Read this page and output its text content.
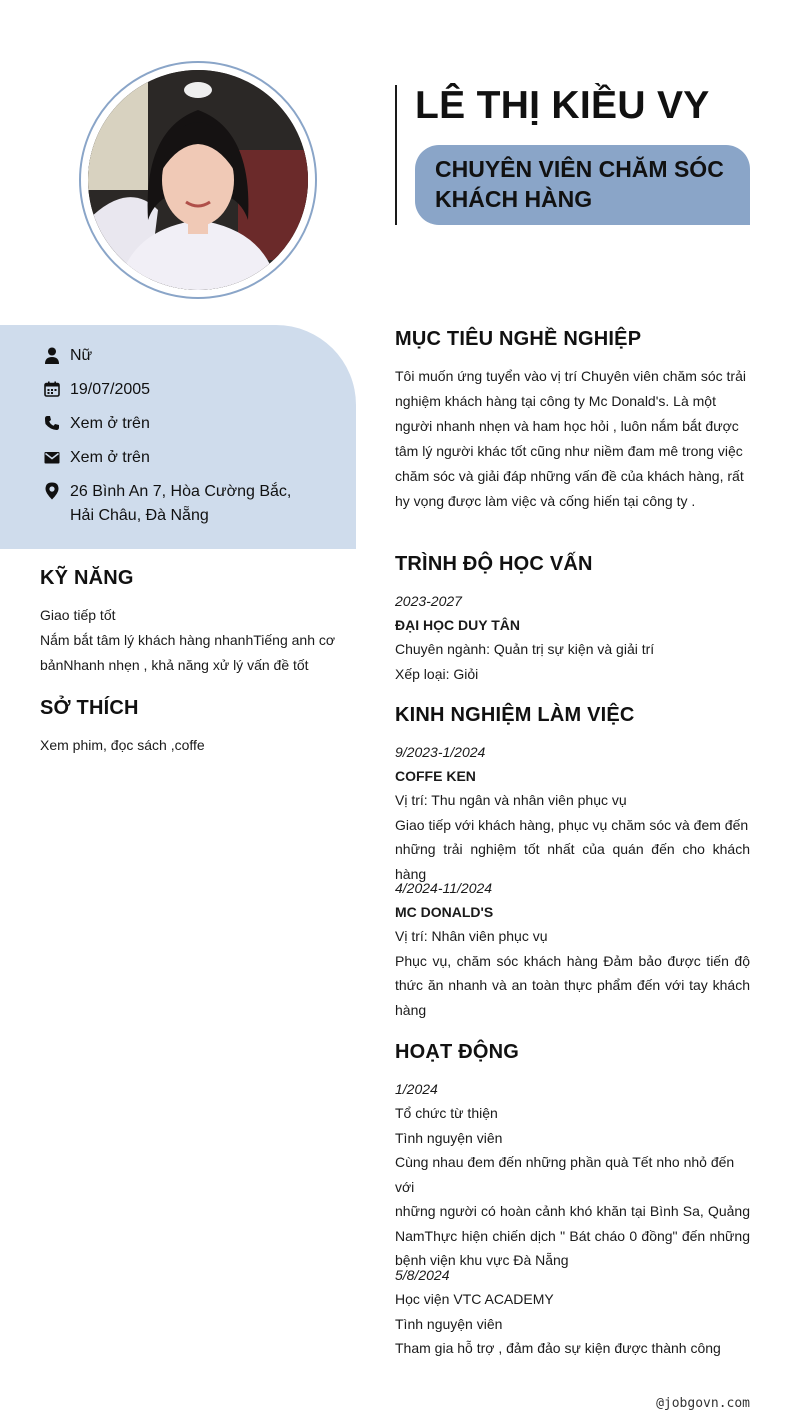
LÊ THỊ KIỀU VY
CHUYÊN VIÊN CHĂM SÓC
KHÁCH HÀNG
Nữ
19/07/2005
Xem ở trên
Xem ở trên
26 Bình An 7, Hòa Cường Bắc,
Hải Châu, Đà Nẵng
KỸ NĂNG
Giao tiếp tốt
Nắm bắt tâm lý khách hàng nhanhTiếng anh cơ
bảnNhanh nhẹn , khả năng xử lý vấn đề tốt
SỞ THÍCH
Xem phim, đọc sách ,coffe
MỤC TIÊU NGHỀ NGHIỆP
Tôi muốn ứng tuyển vào vị trí Chuyên viên chăm sóc trải
nghiệm khách hàng tại công ty Mc Donald's. Là một
người nhanh nhẹn và ham học hỏi , luôn nắm bắt được
tâm lý người khác tốt cũng như niềm đam mê trong việc
chăm sóc và giải đáp những vấn đề của khách hàng, rất
hy vọng được làm việc và cống hiến tại công ty .
TRÌNH ĐỘ HỌC VẤN
2023-2027
ĐẠI HỌC DUY TÂN
Chuyên ngành: Quản trị sự kiện và giải trí
Xếp loại: Giỏi
KINH NGHIỆM LÀM VIỆC
9/2023-1/2024
COFFE KEN
Vị trí: Thu ngân và nhân viên phục vụ
Giao tiếp với khách hàng, phục vụ chăm sóc và đem đến
những trải nghiệm tốt nhất của quán đến cho khách hàng
4/2024-11/2024
MC DONALD'S
Vị trí: Nhân viên phục vụ
Phục vụ, chăm sóc khách hàng Đảm bảo được tiến độ
thức ăn nhanh và an toàn thực phẩm đến với tay khách
hàng
HOẠT ĐỘNG
1/2024
Tổ chức từ thiện
Tình nguyện viên
Cùng nhau đem đến những phần quà Tết nho nhỏ đến với
những người có hoàn cảnh khó khăn tại Bình Sa, Quảng
NamThực hiện chiến dịch " Bát cháo 0 đồng" đến những
bệnh viện khu vực Đà Nẵng
5/8/2024
Học viện VTC ACADEMY
Tình nguyện viên
Tham gia hỗ trợ , đảm đảo sự kiện được thành công
@jobgovn.com
